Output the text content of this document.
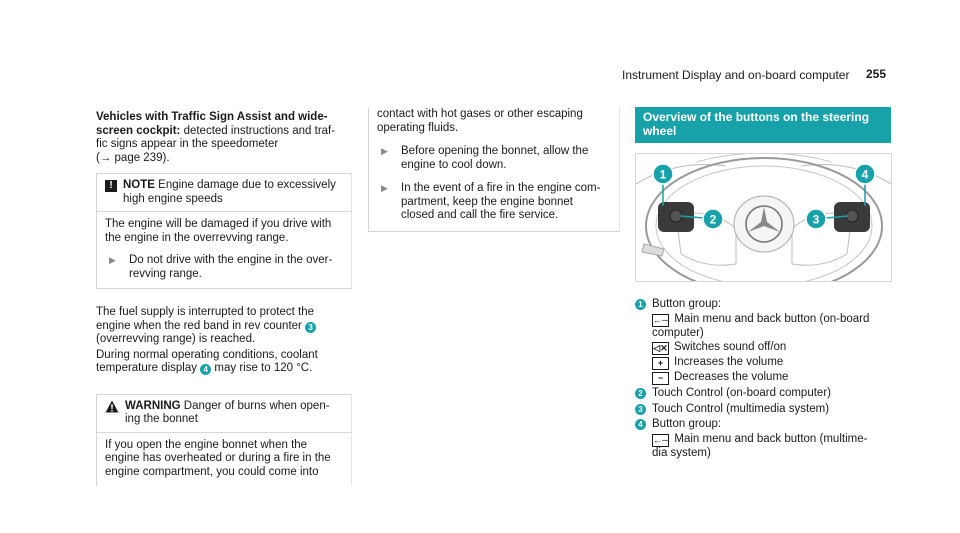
Instrument Display and on-board computer 255

Vehicles with Traffic Sign Assist and wide-
screen cockpit: detected instructions and traf-
fic signs appear in the speedometer
(→ page 239).

! NOTE Engine damage due to excessively
high engine speeds

The engine will be damaged if you drive with
the engine in the overrevving range.

▶	Do not drive with the engine in the over-
revving range.

The fuel supply is interrupted to protect the
engine when the red band in rev counter 3
(overrevving range) is reached.

During normal operating conditions, coolant
temperature display 4 may rise to 120 °C.

WARNING Danger of burns when open-
ing the bonnet
If you open the engine bonnet when the
engine has overheated or during a fire in the
engine compartment, you could come into

contact with hot gases or other escaping
operating fluids.

▶	Before opening the bonnet, allow the
engine to cool down.
▶	In the event of a fire in the engine com-
partment, keep the engine bonnet
closed and call the fire service.
Overview of the buttons on the steering
wheel
1
2	3
4
1 Button group:
←─ Main menu and back button (on-board
computer)
◁✕ Switches sound off/on
+ Increases the volume
− Decreases the volume
2 Touch Control (on-board computer)
3 Touch Control (multimedia system)
4 Button group:
←─ Main menu and back button (multime-
dia system)
